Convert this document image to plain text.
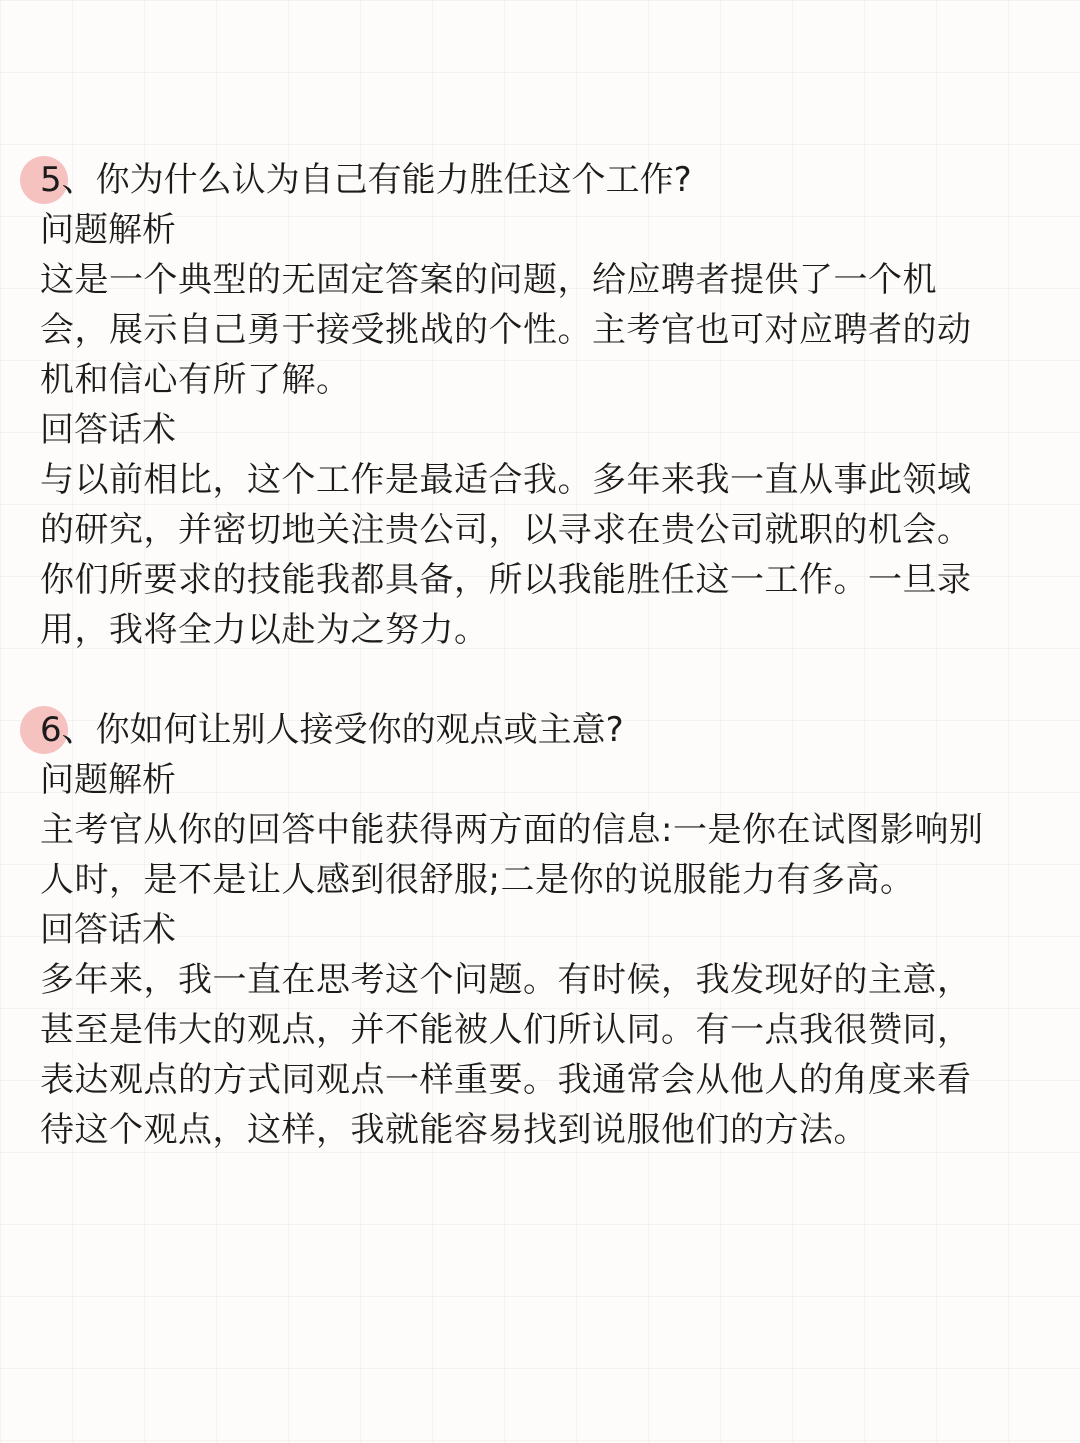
5、你为什么认为自己有能力胜任这个工作?
问题解析
这是一个典型的无固定答案的问题，给应聘者提供了一个机
会，展示自己勇于接受挑战的个性。主考官也可对应聘者的动
机和信心有所了解。
回答话术
与以前相比，这个工作是最适合我。多年来我一直从事此领域
的研究，并密切地关注贵公司，以寻求在贵公司就职的机会。
你们所要求的技能我都具备，所以我能胜任这一工作。一旦录
用，我将全力以赴为之努力。
6、你如何让别人接受你的观点或主意?
问题解析
主考官从你的回答中能获得两方面的信息:一是你在试图影响别
人时，是不是让人感到很舒服;二是你的说服能力有多高。
回答话术
多年来，我一直在思考这个问题。有时候，我发现好的主意，
甚至是伟大的观点，并不能被人们所认同。有一点我很赞同，
表达观点的方式同观点一样重要。我通常会从他人的角度来看
待这个观点，这样，我就能容易找到说服他们的方法。
